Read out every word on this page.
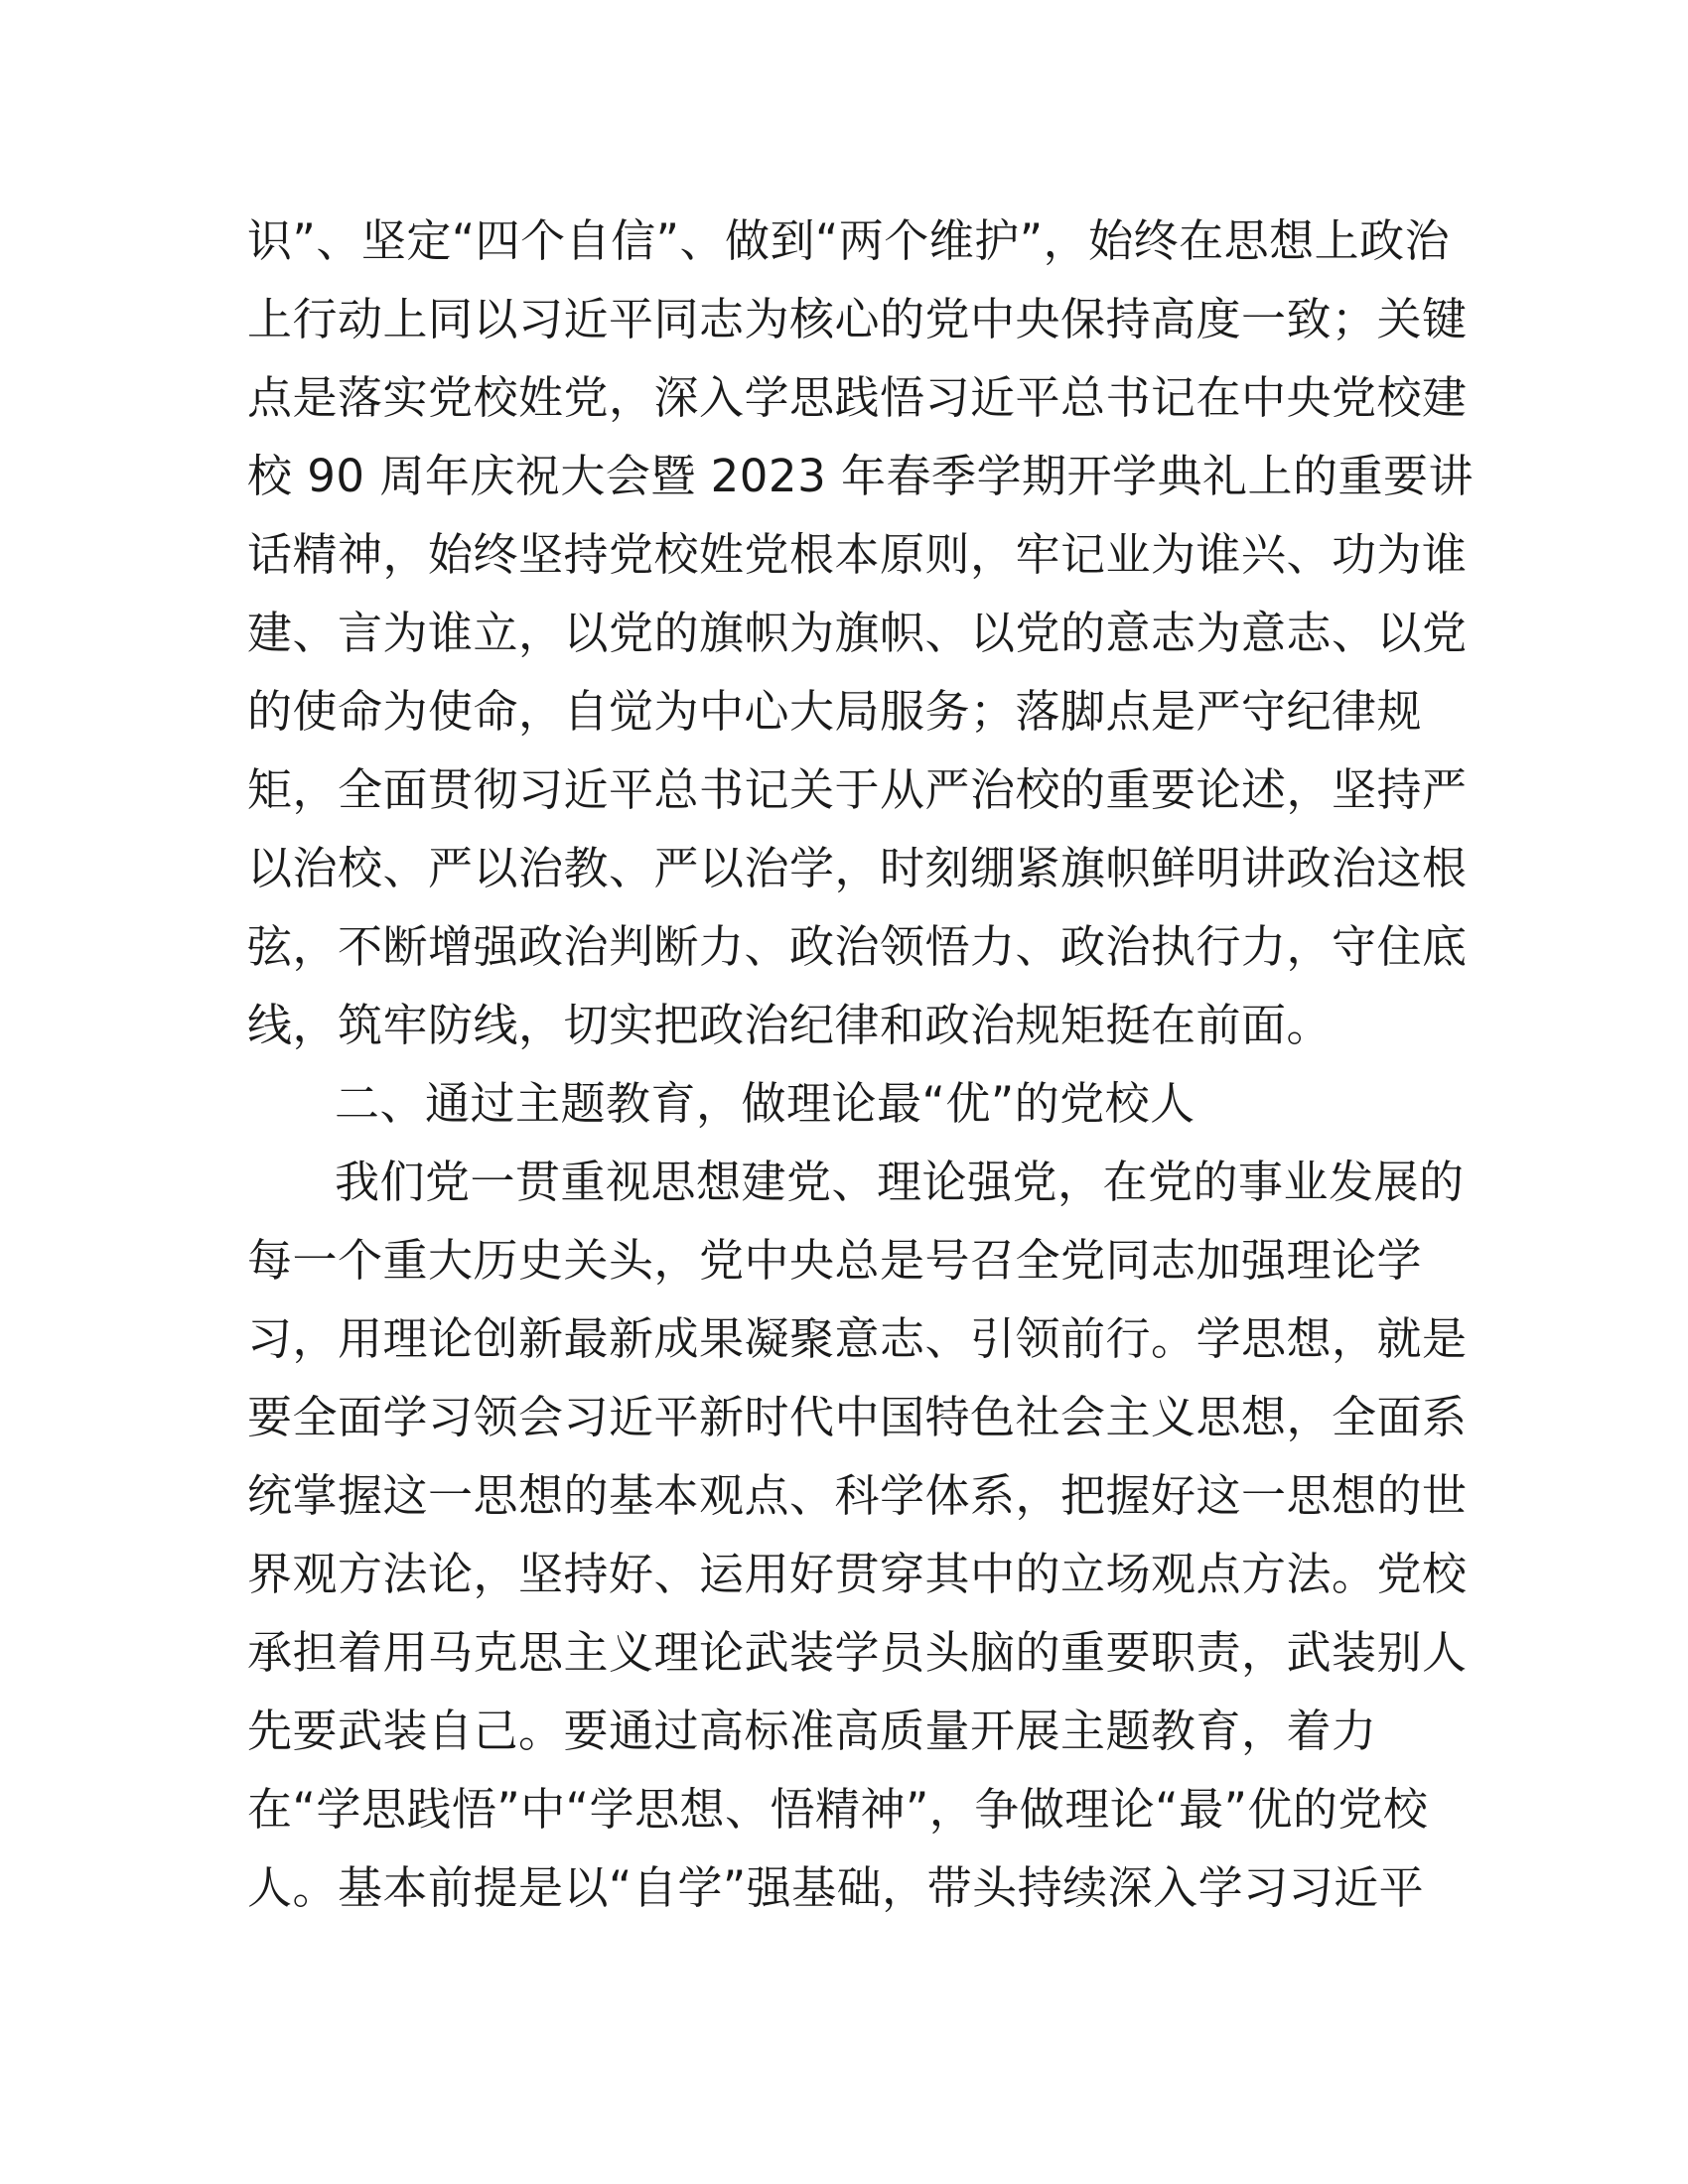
识”、坚定“四个自信”、做到“两个维护”，始终在思想上政治
上行动上同以习近平同志为核心的党中央保持高度一致；关键
点是落实党校姓党，深入学思践悟习近平总书记在中央党校建
校 90 周年庆祝大会暨 2023 年春季学期开学典礼上的重要讲
话精神，始终坚持党校姓党根本原则，牢记业为谁兴、功为谁
建、言为谁立，以党的旗帜为旗帜、以党的意志为意志、以党
的使命为使命，自觉为中心大局服务；落脚点是严守纪律规
矩，全面贯彻习近平总书记关于从严治校的重要论述，坚持严
以治校、严以治教、严以治学，时刻绷紧旗帜鲜明讲政治这根
弦，不断增强政治判断力、政治领悟力、政治执行力，守住底
线，筑牢防线，切实把政治纪律和政治规矩挺在前面。
二、通过主题教育，做理论最“优”的党校人
我们党一贯重视思想建党、理论强党，在党的事业发展的
每一个重大历史关头，党中央总是号召全党同志加强理论学
习，用理论创新最新成果凝聚意志、引领前行。学思想，就是
要全面学习领会习近平新时代中国特色社会主义思想，全面系
统掌握这一思想的基本观点、科学体系，把握好这一思想的世
界观方法论，坚持好、运用好贯穿其中的立场观点方法。党校
承担着用马克思主义理论武装学员头脑的重要职责，武装别人
先要武装自己。要通过高标准高质量开展主题教育，着力
在“学思践悟”中“学思想、悟精神”，争做理论“最”优的党校
人。基本前提是以“自学”强基础，带头持续深入学习习近平
